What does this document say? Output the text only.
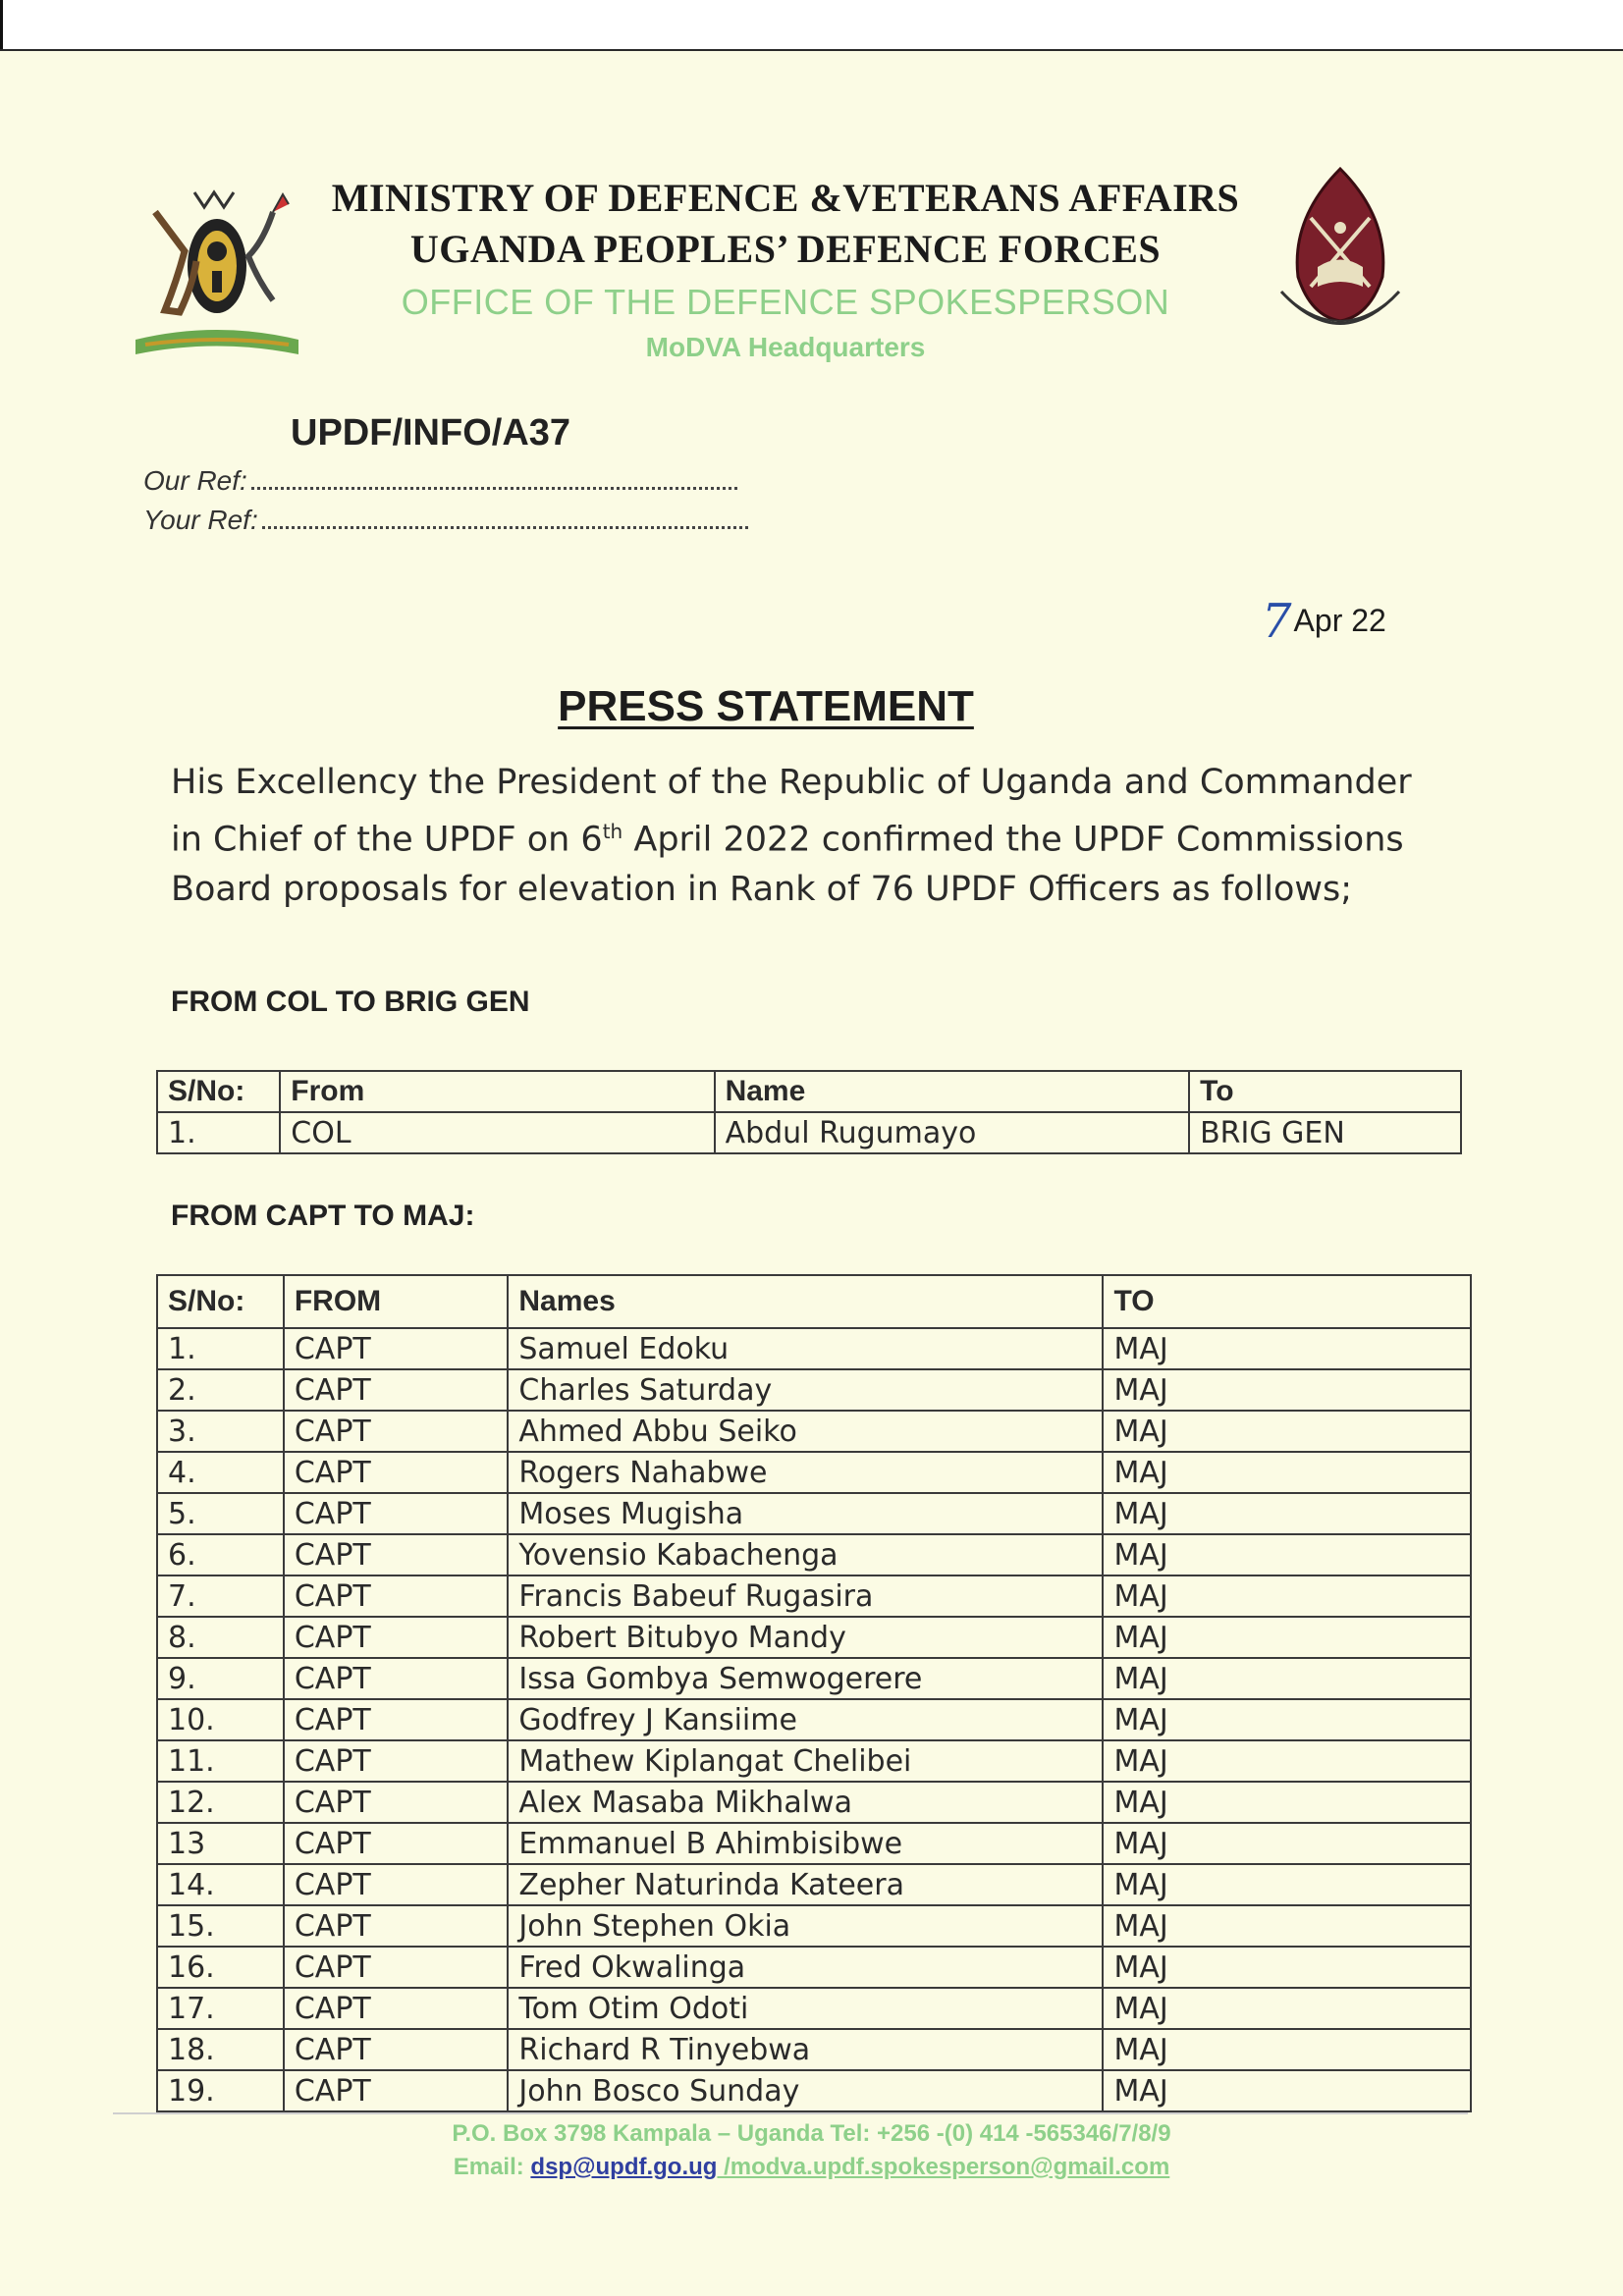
MINISTRY OF DEFENCE &VETERANS AFFAIRS
UGANDA PEOPLES’ DEFENCE FORCES
OFFICE OF THE DEFENCE SPOKESPERSON
MoDVA Headquarters
UPDF/INFO/A37
Our Ref:
Your Ref:
7Apr 22
PRESS STATEMENT
His Excellency the President of the Republic of Uganda and Commander in Chief of the UPDF on 6th April 2022 confirmed the UPDF Commissions Board proposals for elevation in Rank of 76 UPDF Officers as follows;
FROM COL TO BRIG GEN
S/No:	From	Name	To
1.	COL	Abdul Rugumayo	BRIG GEN
FROM CAPT TO MAJ:
S/No:	FROM	Names	TO
1.	CAPT	Samuel Edoku	MAJ
2.	CAPT	Charles Saturday	MAJ
3.	CAPT	Ahmed Abbu Seiko	MAJ
4.	CAPT	Rogers Nahabwe	MAJ
5.	CAPT	Moses Mugisha	MAJ
6.	CAPT	Yovensio Kabachenga	MAJ
7.	CAPT	Francis Babeuf Rugasira	MAJ
8.	CAPT	Robert Bitubyo Mandy	MAJ
9.	CAPT	Issa Gombya Semwogerere	MAJ
10.	CAPT	Godfrey J Kansiime	MAJ
11.	CAPT	Mathew Kiplangat Chelibei	MAJ
12.	CAPT	Alex Masaba Mikhalwa	MAJ
13	CAPT	Emmanuel B Ahimbisibwe	MAJ
14.	CAPT	Zepher Naturinda Kateera	MAJ
15.	CAPT	John Stephen Okia	MAJ
16.	CAPT	Fred Okwalinga	MAJ
17.	CAPT	Tom Otim Odoti	MAJ
18.	CAPT	Richard R Tinyebwa	MAJ
19.	CAPT	John Bosco Sunday	MAJ
P.O. Box 3798 Kampala – Uganda Tel: +256 -(0) 414 -565346/7/8/9
Email: dsp@updf.go.ug /modva.updf.spokesperson@gmail.com
